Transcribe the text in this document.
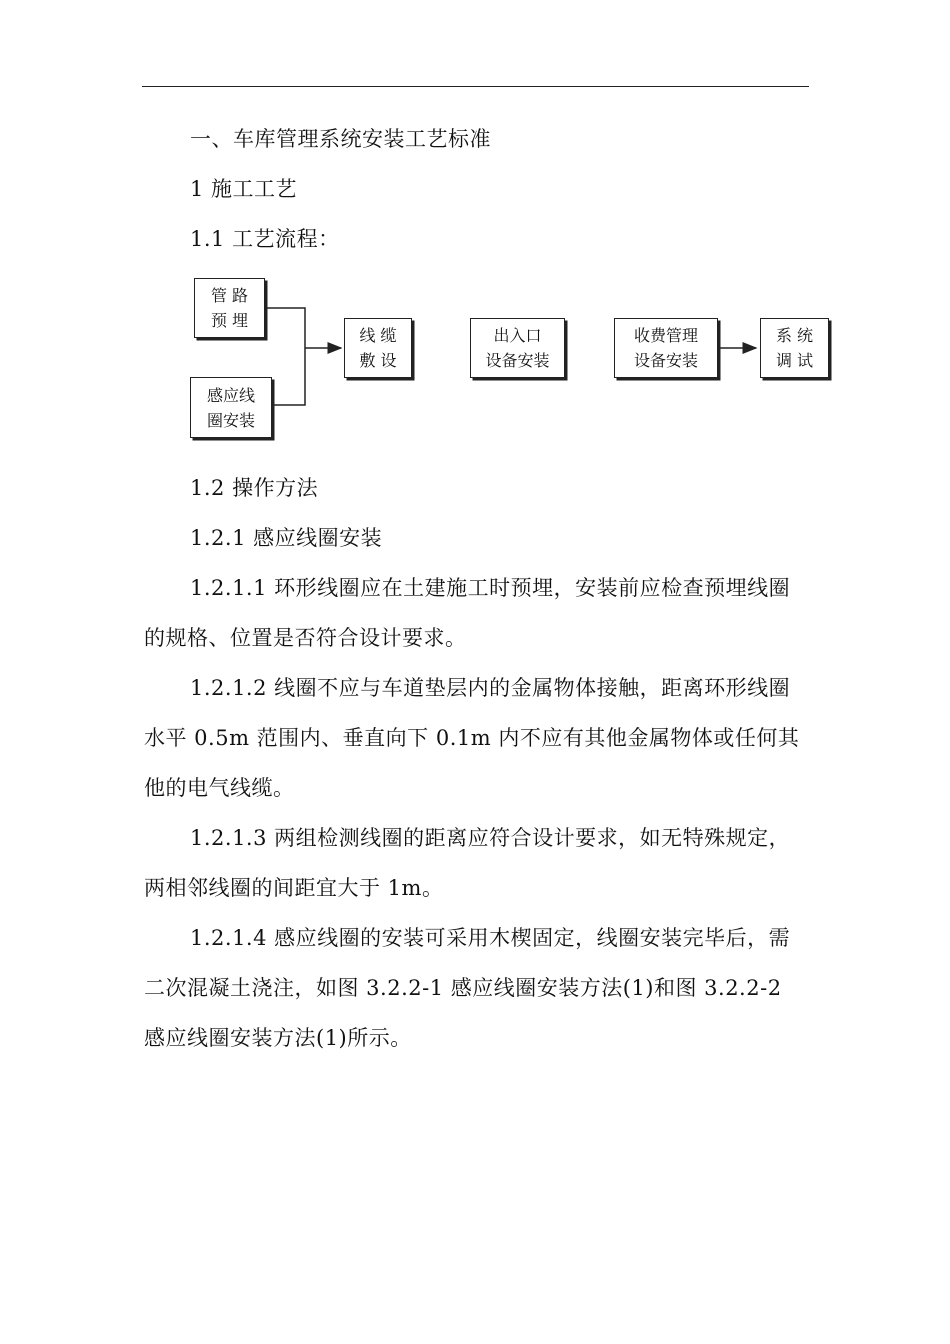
一、车库管理系统安装工艺标准
1 施工工艺
1.1 工艺流程：
管 路
预 埋
感应线
圈安装
线 缆
敷 设
出入口
设备安装
收费管理
设备安装
系 统
调 试
1.2 操作方法
1.2.1 感应线圈安装
1.2.1.1 环形线圈应在土建施工时预埋，安装前应检查预埋线圈
的规格、位置是否符合设计要求。
1.2.1.2 线圈不应与车道垫层内的金属物体接触，距离环形线圈
水平 0.5m 范围内、垂直向下 0.1m 内不应有其他金属物体或任何其
他的电气线缆。
1.2.1.3 两组检测线圈的距离应符合设计要求，如无特殊规定，
两相邻线圈的间距宜大于 1m。
1.2.1.4 感应线圈的安装可采用木楔固定，线圈安装完毕后，需
二次混凝土浇注，如图 3.2.2-1 感应线圈安装方法(1)和图 3.2.2-2
感应线圈安装方法(1)所示。
